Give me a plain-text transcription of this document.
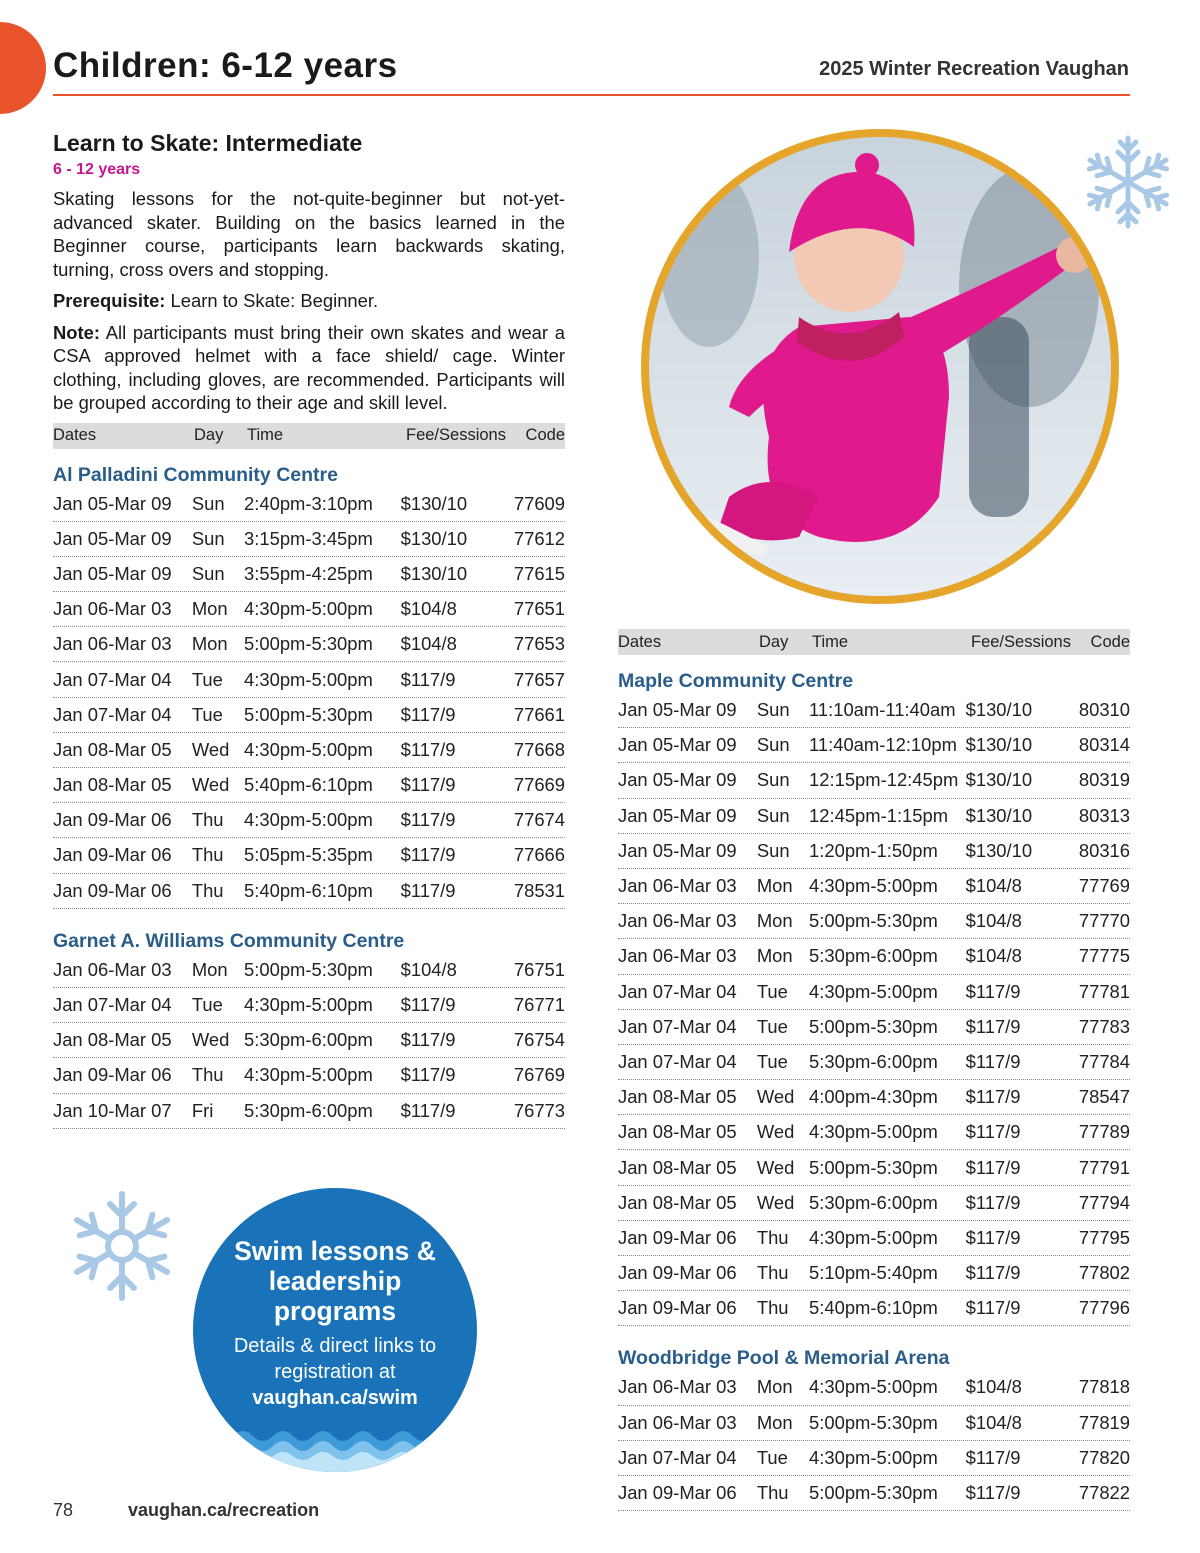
Children: 6-12 years	2025 Winter Recreation Vaughan
Learn to Skate: Intermediate
6 - 12 years

Skating lessons for the not-quite-beginner but not-yet-advanced skater. Building on the basics learned in the Beginner course, participants learn backwards skating, turning, cross overs and stopping.

Prerequisite: Learn to Skate: Beginner.

Note: All participants must bring their own skates and wear a CSA approved helmet with a face shield/ cage. Winter clothing, including gloves, are recommended. Participants will be grouped according to their age and skill level.

Dates	Day	Time	Fee/Sessions	Code
Al Palladini Community Centre
Jan 05-Mar 09	Sun	2:40pm-3:10pm	$130/10	77609
Jan 05-Mar 09	Sun	3:15pm-3:45pm	$130/10	77612
Jan 05-Mar 09	Sun	3:55pm-4:25pm	$130/10	77615
Jan 06-Mar 03	Mon 4:30pm-5:00pm	$104/8	77651
Jan 06-Mar 03	Mon 5:00pm-5:30pm	$104/8	77653
Jan 07-Mar 04	Tue	4:30pm-5:00pm	$117/9	77657
Jan 07-Mar 04	Tue	5:00pm-5:30pm	$117/9	77661
Jan 08-Mar 05	Wed 4:30pm-5:00pm	$117/9	77668
Jan 08-Mar 05	Wed 5:40pm-6:10pm	$117/9	77669
Jan 09-Mar 06	Thu	4:30pm-5:00pm	$117/9	77674
Jan 09-Mar 06	Thu	5:05pm-5:35pm	$117/9	77666
Jan 09-Mar 06	Thu	5:40pm-6:10pm	$117/9	78531
Garnet A. Williams Community Centre
Jan 06-Mar 03	Mon 5:00pm-5:30pm	$104/8	76751
Jan 07-Mar 04	Tue	4:30pm-5:00pm	$117/9	76771
Jan 08-Mar 05	Wed 5:30pm-6:00pm	$117/9	76754
Jan 09-Mar 06	Thu	4:30pm-5:00pm	$117/9	76769
Jan 10-Mar 07	Fri	5:30pm-6:00pm	$117/9	76773
Dates	Day	Time	Fee/Sessions	Code
Maple Community Centre
Jan 05-Mar 09	Sun	11:10am-11:40am $130/10	80310
Jan 05-Mar 09	Sun	11:40am-12:10pm $130/10	80314
Jan 05-Mar 09	Sun	12:15pm-12:45pm $130/10	80319
Jan 05-Mar 09	Sun	12:45pm-1:15pm $130/10	80313
Jan 05-Mar 09	Sun	1:20pm-1:50pm	$130/10	80316
Jan 06-Mar 03	Mon 4:30pm-5:00pm	$104/8	77769
Jan 06-Mar 03	Mon 5:00pm-5:30pm	$104/8	77770
Jan 06-Mar 03	Mon 5:30pm-6:00pm	$104/8	77775
Jan 07-Mar 04	Tue	4:30pm-5:00pm	$117/9	77781
Jan 07-Mar 04	Tue	5:00pm-5:30pm	$117/9	77783
Jan 07-Mar 04	Tue	5:30pm-6:00pm	$117/9	77784
Jan 08-Mar 05	Wed 4:00pm-4:30pm	$117/9	78547
Jan 08-Mar 05	Wed 4:30pm-5:00pm	$117/9	77789
Jan 08-Mar 05	Wed 5:00pm-5:30pm	$117/9	77791
Jan 08-Mar 05	Wed 5:30pm-6:00pm	$117/9	77794
Jan 09-Mar 06	Thu	4:30pm-5:00pm	$117/9	77795
Jan 09-Mar 06	Thu	5:10pm-5:40pm	$117/9	77802
Jan 09-Mar 06	Thu	5:40pm-6:10pm	$117/9	77796
Woodbridge Pool & Memorial Arena
Jan 06-Mar 03	Mon 4:30pm-5:00pm	$104/8	77818
Jan 06-Mar 03	Mon 5:00pm-5:30pm	$104/8	77819
Jan 07-Mar 04	Tue	4:30pm-5:00pm	$117/9	77820
Jan 09-Mar 06	Thu	5:00pm-5:30pm	$117/9	77822
Swim lessons & leadership programs
Details & direct links to registration at
vaughan.ca/swim
78	vaughan.ca/recreation
